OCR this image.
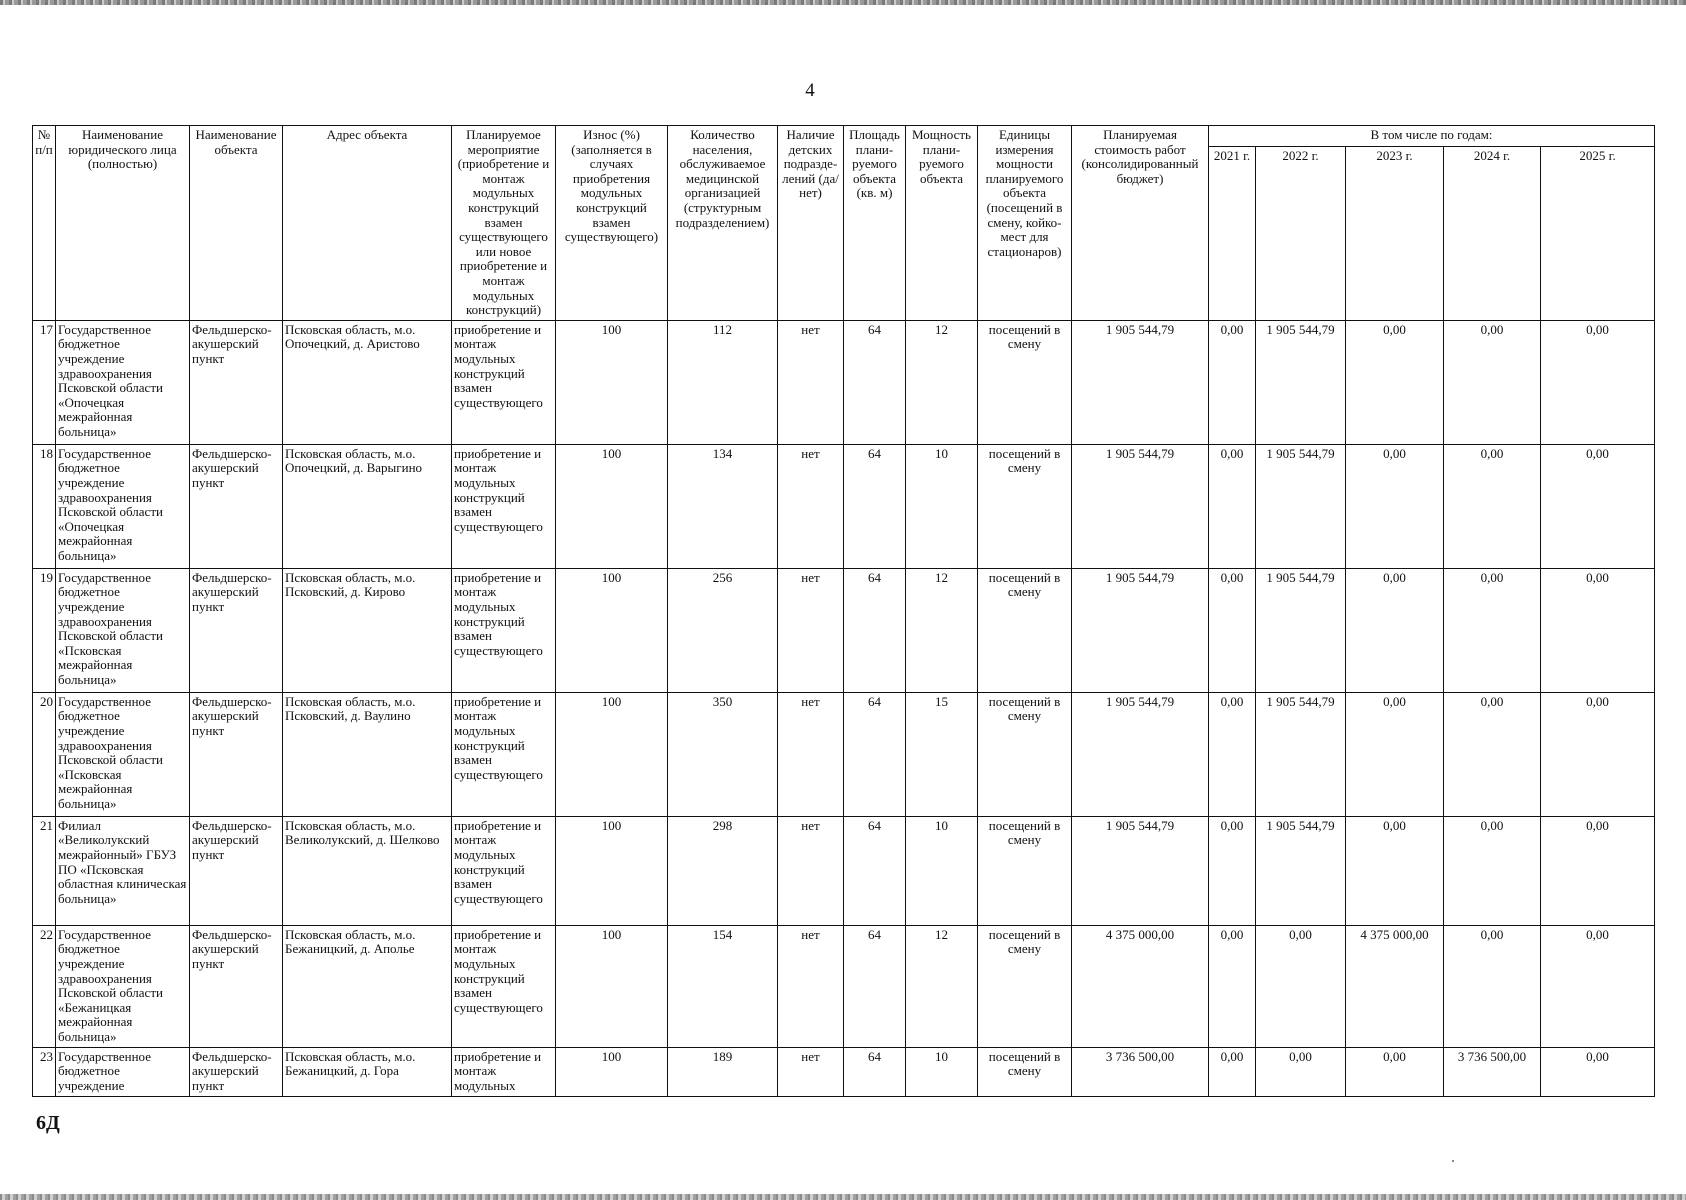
4
№ п/п	Наименование юридического лица (полностью)	Наименование объекта	Адрес объекта	Планируемое мероприятие (приобретение и монтаж модульных конструкций взамен существующего или новое приобретение и монтаж модульных конструкций)	Износ (%) (заполняется в случаях приобретения модульных конструкций взамен существующего)	Количество населения, обслуживаемое медицинской организацией (структурным подразделением)	Наличие детских подразде-лений (да/нет)	Площадь плани-руемого объекта (кв. м)	Мощность плани-руемого объекта	Единицы измерения мощности планируемого объекта (посещений в смену, койко-мест для стационаров)	Планируемая стоимость работ (консолидированный бюджет)	В том числе по годам:				
												2021 г.	2022 г.	2023 г.	2024 г.	2025 г.
17	Государственное бюджетное учреждение здравоохранения Псковской области «Опочецкая межрайонная больница»	Фельдшерско-акушерский пункт	Псковская область, м.о. Опочецкий, д. Аристово	приобретение и монтаж модульных конструкций взамен существующего	100	112	нет	64	12	посещений в смену	1 905 544,79	0,00	1 905 544,79	0,00	0,00	0,00
18	Государственное бюджетное учреждение здравоохранения Псковской области «Опочецкая межрайонная больница»	Фельдшерско-акушерский пункт	Псковская область, м.о. Опочецкий, д. Варыгино	приобретение и монтаж модульных конструкций взамен существующего	100	134	нет	64	10	посещений в смену	1 905 544,79	0,00	1 905 544,79	0,00	0,00	0,00
19	Государственное бюджетное учреждение здравоохранения Псковской области «Псковская межрайонная больница»	Фельдшерско-акушерский пункт	Псковская область, м.о. Псковский, д. Кирово	приобретение и монтаж модульных конструкций взамен существующего	100	256	нет	64	12	посещений в смену	1 905 544,79	0,00	1 905 544,79	0,00	0,00	0,00
20	Государственное бюджетное учреждение здравоохранения Псковской области «Псковская межрайонная больница»	Фельдшерско-акушерский пункт	Псковская область, м.о. Псковский, д. Ваулино	приобретение и монтаж модульных конструкций взамен существующего	100	350	нет	64	15	посещений в смену	1 905 544,79	0,00	1 905 544,79	0,00	0,00	0,00
21	Филиал «Великолукский межрайонный» ГБУЗ ПО «Псковская областная клиническая больница»	Фельдшерско-акушерский пункт	Псковская область, м.о. Великолукский, д. Шелково	приобретение и монтаж модульных конструкций взамен существующего	100	298	нет	64	10	посещений в смену	1 905 544,79	0,00	1 905 544,79	0,00	0,00	0,00
22	Государственное бюджетное учреждение здравоохранения Псковской области «Бежаницкая межрайонная больница»	Фельдшерско-акушерский пункт	Псковская область, м.о. Бежаницкий, д. Аполье	приобретение и монтаж модульных конструкций взамен существующего	100	154	нет	64	12	посещений в смену	4 375 000,00	0,00	0,00	4 375 000,00	0,00	0,00
23	Государственное бюджетное учреждение	Фельдшерско-акушерский пункт	Псковская область, м.о. Бежаницкий, д. Гора	приобретение и монтаж модульных	100	189	нет	64	10	посещений в смену	3 736 500,00	0,00	0,00	0,00	3 736 500,00	0,00
6Д
